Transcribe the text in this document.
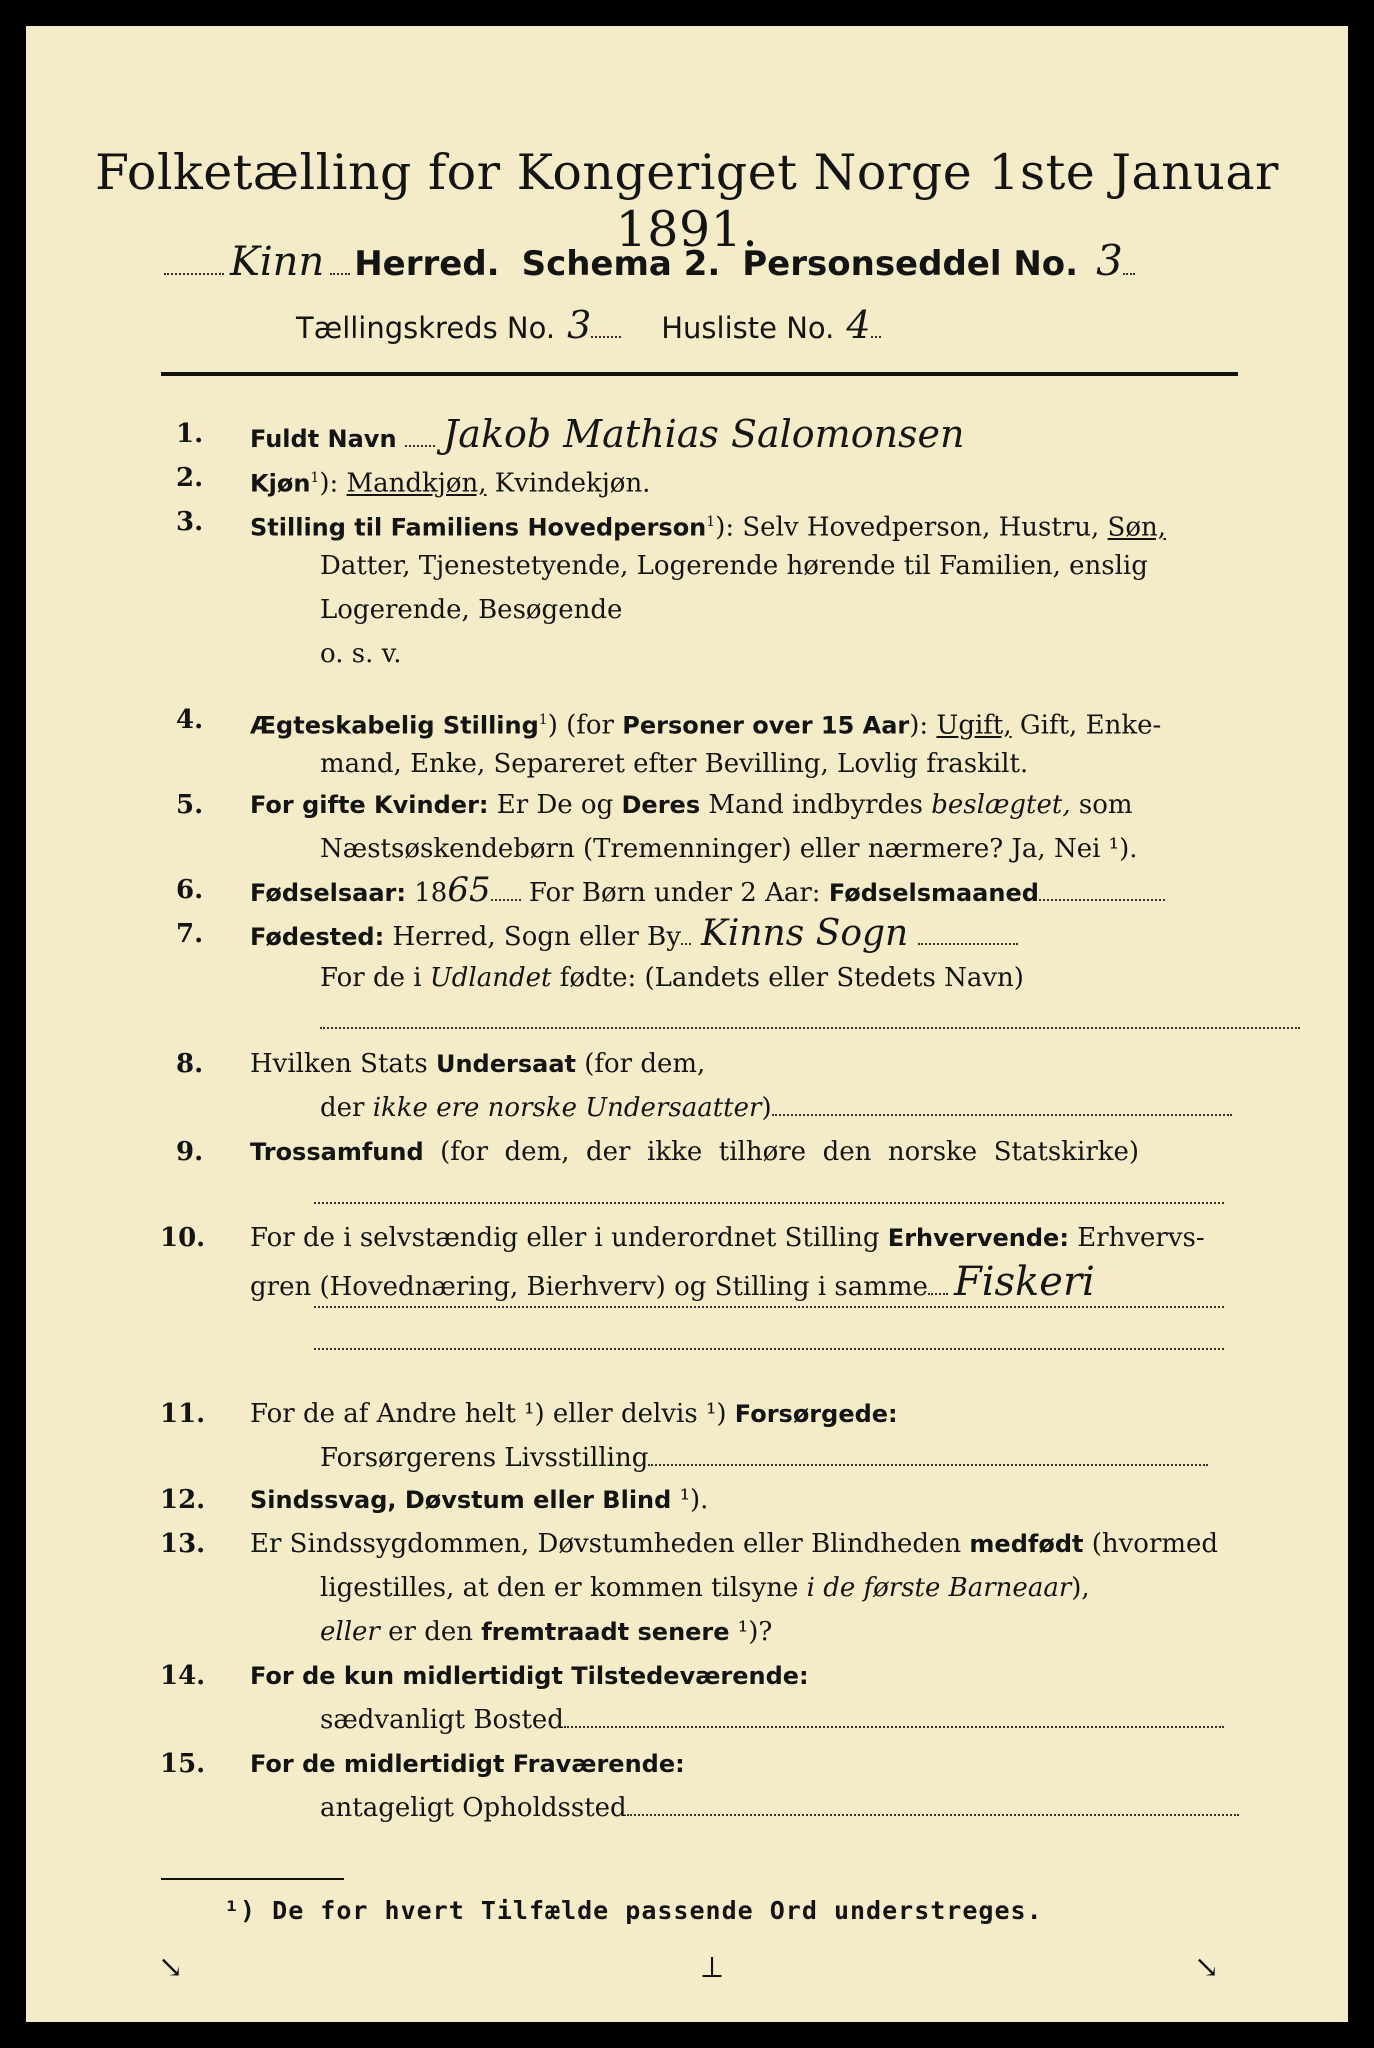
Folketælling for Kongeriget Norge 1ste Januar 1891.
Kinn Herred. Schema 2. Personseddel No. 3
Tællingskreds No. 3 Husliste No. 4
1.	Fuldt Navn Jakob Mathias Salomonsen
2.	Kjøn$^1$): Mandkjøn, Kvindekjøn.
3.	Stilling til Familiens Hovedperson$^1$): Selv Hovedperson, Hustru, Søn,
Datter, Tjenestetyende, Logerende hørende til Familien, enslig
Logerende, Besøgende
o. s. v.
4.	Ægteskabelig Stilling$^1$) (for Personer over 15 Aar): Ugift, Gift, Enke-
mand, Enke, Separeret efter Bevilling, Lovlig fraskilt.
5.	For gifte Kvinder: Er De og Deres Mand indbyrdes beslægtet, som
Næstsøskendebørn (Tremenninger) eller nærmere? Ja, Nei ¹).
6.	Fødselsaar: 1865 For Børn under 2 Aar: Fødselsmaaned
7.	Fødested: Herred, Sogn eller By Kinns Sogn
For de i Udlandet fødte: (Landets eller Stedets Navn)
8.	Hvilken Stats Undersaat (for dem,
der ikke ere norske Undersaatter)
9.	Trossamfund  (for  dem,  der  ikke  tilhøre  den  norske  Statskirke)
10. For de i selvstændig eller i underordnet Stilling Erhvervende: Erhvervs-
gren (Hovednæring, Bierhverv) og Stilling i samme Fiskeri
11. For de af Andre helt ¹) eller delvis ¹) Forsørgede:
Forsørgerens Livsstilling
12. Sindssvag, Døvstum eller Blind ¹).
13. Er Sindssygdommen, Døvstumheden eller Blindheden medfødt (hvormed
ligestilles, at den er kommen tilsyne i de første Barneaar),
eller er den fremtraadt senere ¹)?
14. For de kun midlertidigt Tilstedeværende:
sædvanligt Bosted
15. For de midlertidigt Fraværende:
antageligt Opholdssted
¹) De for hvert Tilfælde passende Ord understreges.
↘	⟂	↘
